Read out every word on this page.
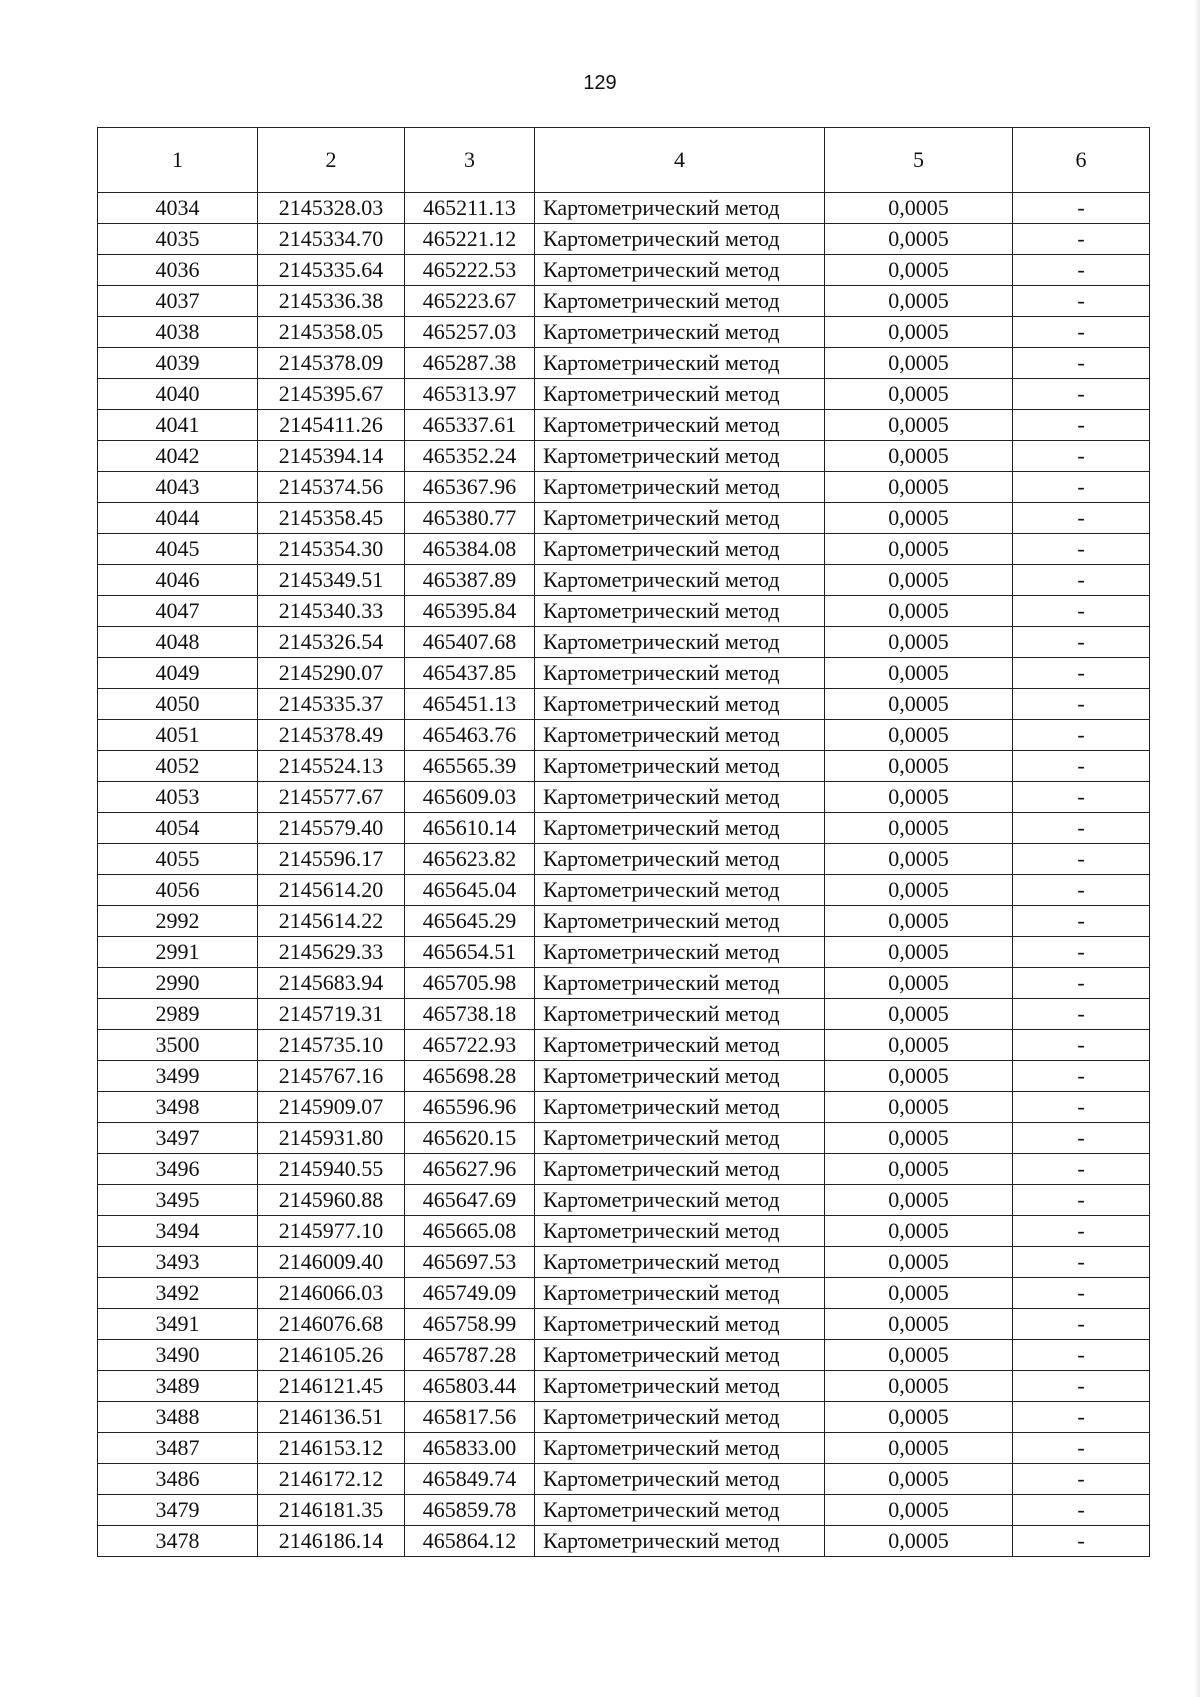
129
1	2	3	4	5	6
4034	2145328.03	465211.13	Картометрический метод	0,0005	-
4035	2145334.70	465221.12	Картометрический метод	0,0005	-
4036	2145335.64	465222.53	Картометрический метод	0,0005	-
4037	2145336.38	465223.67	Картометрический метод	0,0005	-
4038	2145358.05	465257.03	Картометрический метод	0,0005	-
4039	2145378.09	465287.38	Картометрический метод	0,0005	-
4040	2145395.67	465313.97	Картометрический метод	0,0005	-
4041	2145411.26	465337.61	Картометрический метод	0,0005	-
4042	2145394.14	465352.24	Картометрический метод	0,0005	-
4043	2145374.56	465367.96	Картометрический метод	0,0005	-
4044	2145358.45	465380.77	Картометрический метод	0,0005	-
4045	2145354.30	465384.08	Картометрический метод	0,0005	-
4046	2145349.51	465387.89	Картометрический метод	0,0005	-
4047	2145340.33	465395.84	Картометрический метод	0,0005	-
4048	2145326.54	465407.68	Картометрический метод	0,0005	-
4049	2145290.07	465437.85	Картометрический метод	0,0005	-
4050	2145335.37	465451.13	Картометрический метод	0,0005	-
4051	2145378.49	465463.76	Картометрический метод	0,0005	-
4052	2145524.13	465565.39	Картометрический метод	0,0005	-
4053	2145577.67	465609.03	Картометрический метод	0,0005	-
4054	2145579.40	465610.14	Картометрический метод	0,0005	-
4055	2145596.17	465623.82	Картометрический метод	0,0005	-
4056	2145614.20	465645.04	Картометрический метод	0,0005	-
2992	2145614.22	465645.29	Картометрический метод	0,0005	-
2991	2145629.33	465654.51	Картометрический метод	0,0005	-
2990	2145683.94	465705.98	Картометрический метод	0,0005	-
2989	2145719.31	465738.18	Картометрический метод	0,0005	-
3500	2145735.10	465722.93	Картометрический метод	0,0005	-
3499	2145767.16	465698.28	Картометрический метод	0,0005	-
3498	2145909.07	465596.96	Картометрический метод	0,0005	-
3497	2145931.80	465620.15	Картометрический метод	0,0005	-
3496	2145940.55	465627.96	Картометрический метод	0,0005	-
3495	2145960.88	465647.69	Картометрический метод	0,0005	-
3494	2145977.10	465665.08	Картометрический метод	0,0005	-
3493	2146009.40	465697.53	Картометрический метод	0,0005	-
3492	2146066.03	465749.09	Картометрический метод	0,0005	-
3491	2146076.68	465758.99	Картометрический метод	0,0005	-
3490	2146105.26	465787.28	Картометрический метод	0,0005	-
3489	2146121.45	465803.44	Картометрический метод	0,0005	-
3488	2146136.51	465817.56	Картометрический метод	0,0005	-
3487	2146153.12	465833.00	Картометрический метод	0,0005	-
3486	2146172.12	465849.74	Картометрический метод	0,0005	-
3479	2146181.35	465859.78	Картометрический метод	0,0005	-
3478	2146186.14	465864.12	Картометрический метод	0,0005	-
